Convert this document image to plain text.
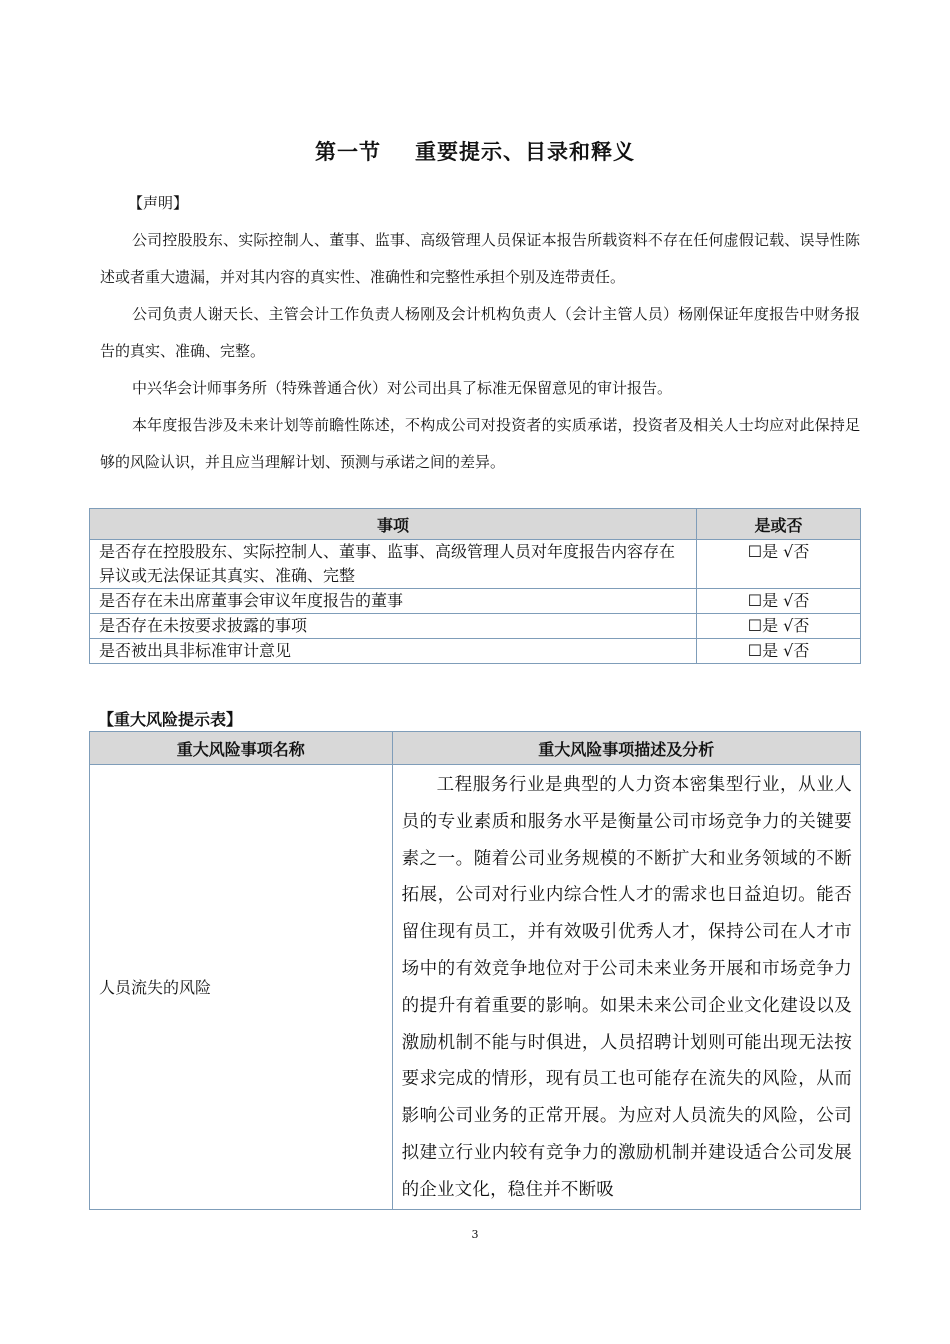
第一节 重要提示、目录和释义
【声明】

公司控股股东、实际控制人、董事、监事、高级管理人员保证本报告所载资料不存在任何虚假记载、误导性陈述或者重大遗漏，并对其内容的真实性、准确性和完整性承担个别及连带责任。

公司负责人谢天长、主管会计工作负责人杨刚及会计机构负责人（会计主管人员）杨刚保证年度报告中财务报告的真实、准确、完整。

中兴华会计师事务所（特殊普通合伙）对公司出具了标准无保留意见的审计报告。

本年度报告涉及未来计划等前瞻性陈述，不构成公司对投资者的实质承诺，投资者及相关人士均应对此保持足够的风险认识，并且应当理解计划、预测与承诺之间的差异。

事项	是或否
是否存在控股股东、实际控制人、董事、监事、高级管理人员对年度报告内容存在异议或无法保证其真实、准确、完整	☐是 √否
是否存在未出席董事会审议年度报告的董事	☐是 √否
是否存在未按要求披露的事项	☐是 √否
是否被出具非标准审计意见	☐是 √否
【重大风险提示表】
重大风险事项名称	重大风险事项描述及分析
人员流失的风险	工程服务行业是典型的人力资本密集型行业，从业人员的专业素质和服务水平是衡量公司市场竞争力的关键要素之一。随着公司业务规模的不断扩大和业务领域的不断拓展，公司对行业内综合性人才的需求也日益迫切。能否留住现有员工，并有效吸引优秀人才，保持公司在人才市场中的有效竞争地位对于公司未来业务开展和市场竞争力的提升有着重要的影响。如果未来公司企业文化建设以及激励机制不能与时俱进，人员招聘计划则可能出现无法按要求完成的情形，现有员工也可能存在流失的风险，从而影响公司业务的正常开展。为应对人员流失的风险，公司拟建立行业内较有竞争力的激励机制并建设适合公司发展的企业文化，稳住并不断吸

3
